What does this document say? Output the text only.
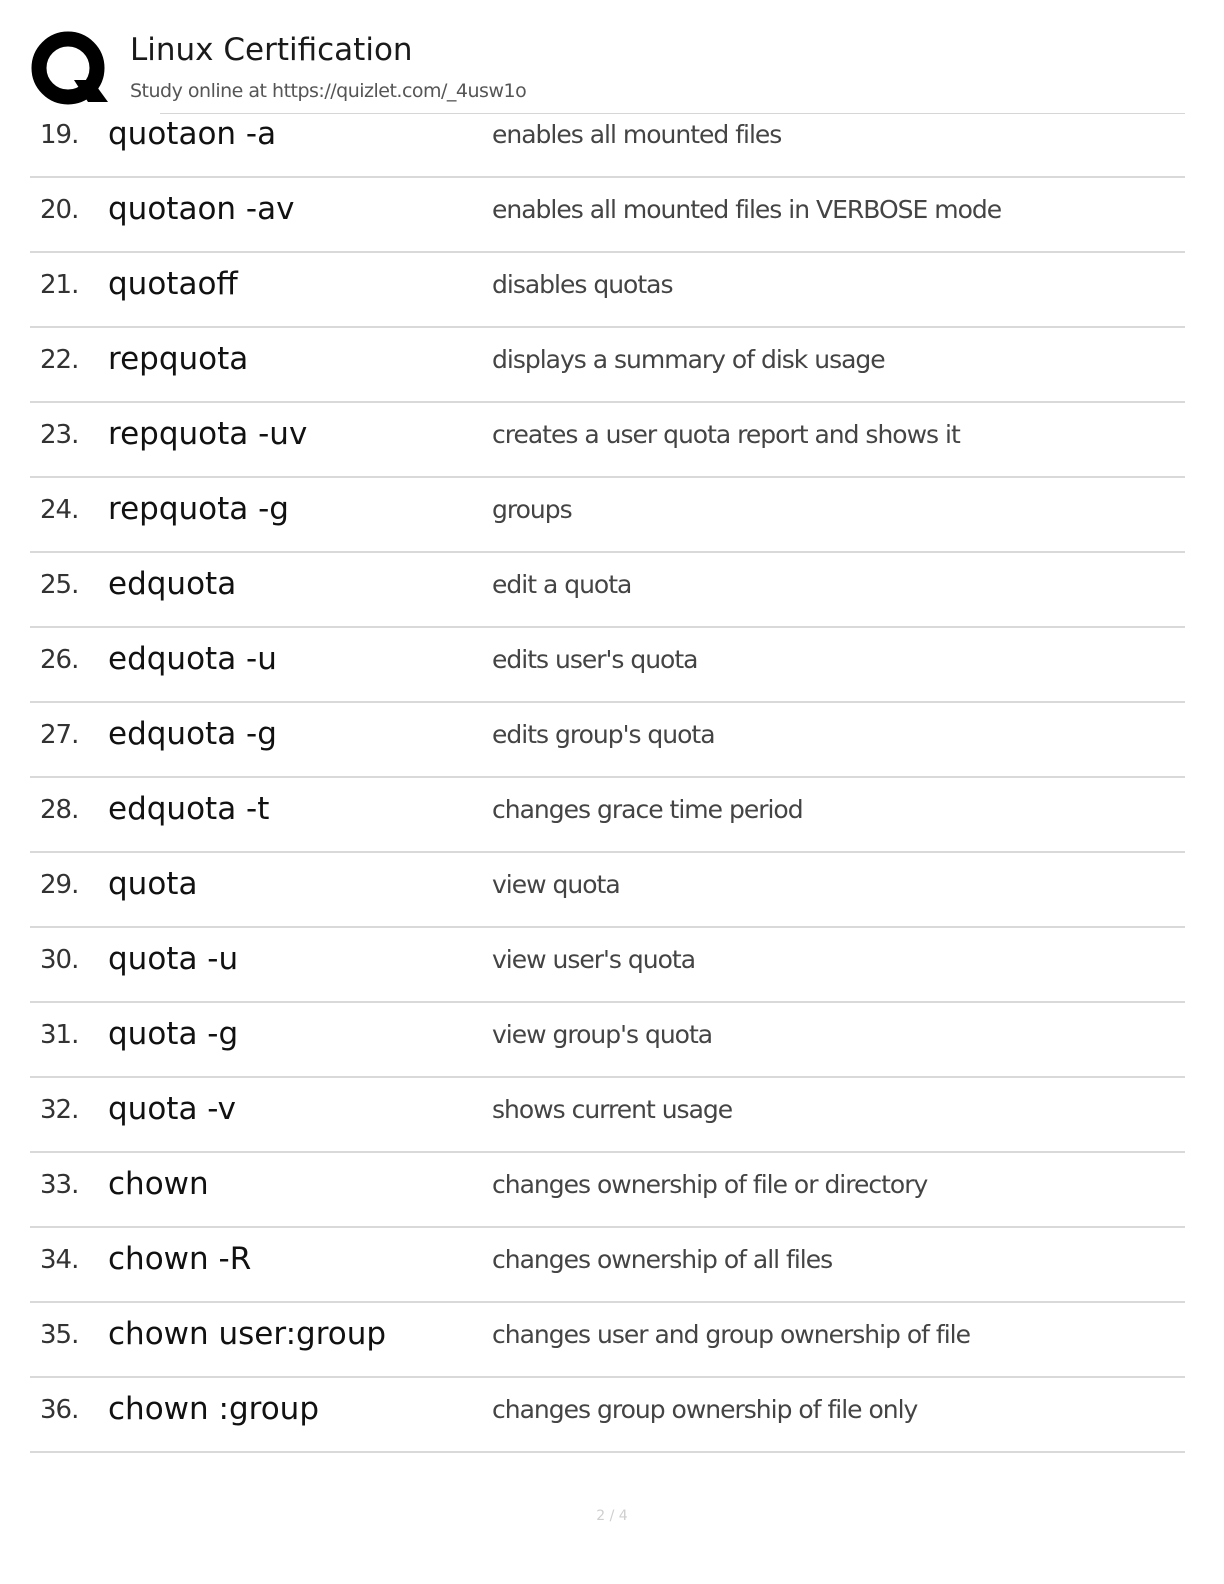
Linux Certification
Study online at https://quizlet.com/_4usw1o
19. quotaon -a	enables all mounted files
20. quotaon -av	enables all mounted files in VERBOSE mode
21. quotaoff	disables quotas
22. repquota	displays a summary of disk usage
23. repquota -uv	creates a user quota report and shows it
24. repquota -g	groups
25. edquota	edit a quota
26. edquota -u	edits user's quota
27. edquota -g	edits group's quota
28. edquota -t	changes grace time period
29. quota	view quota
30. quota -u	view user's quota
31. quota -g	view group's quota
32. quota -v	shows current usage
33. chown	changes ownership of file or directory
34. chown -R	changes ownership of all files
35. chown user:group	changes user and group ownership of file
36. chown :group	changes group ownership of file only
2 / 4
